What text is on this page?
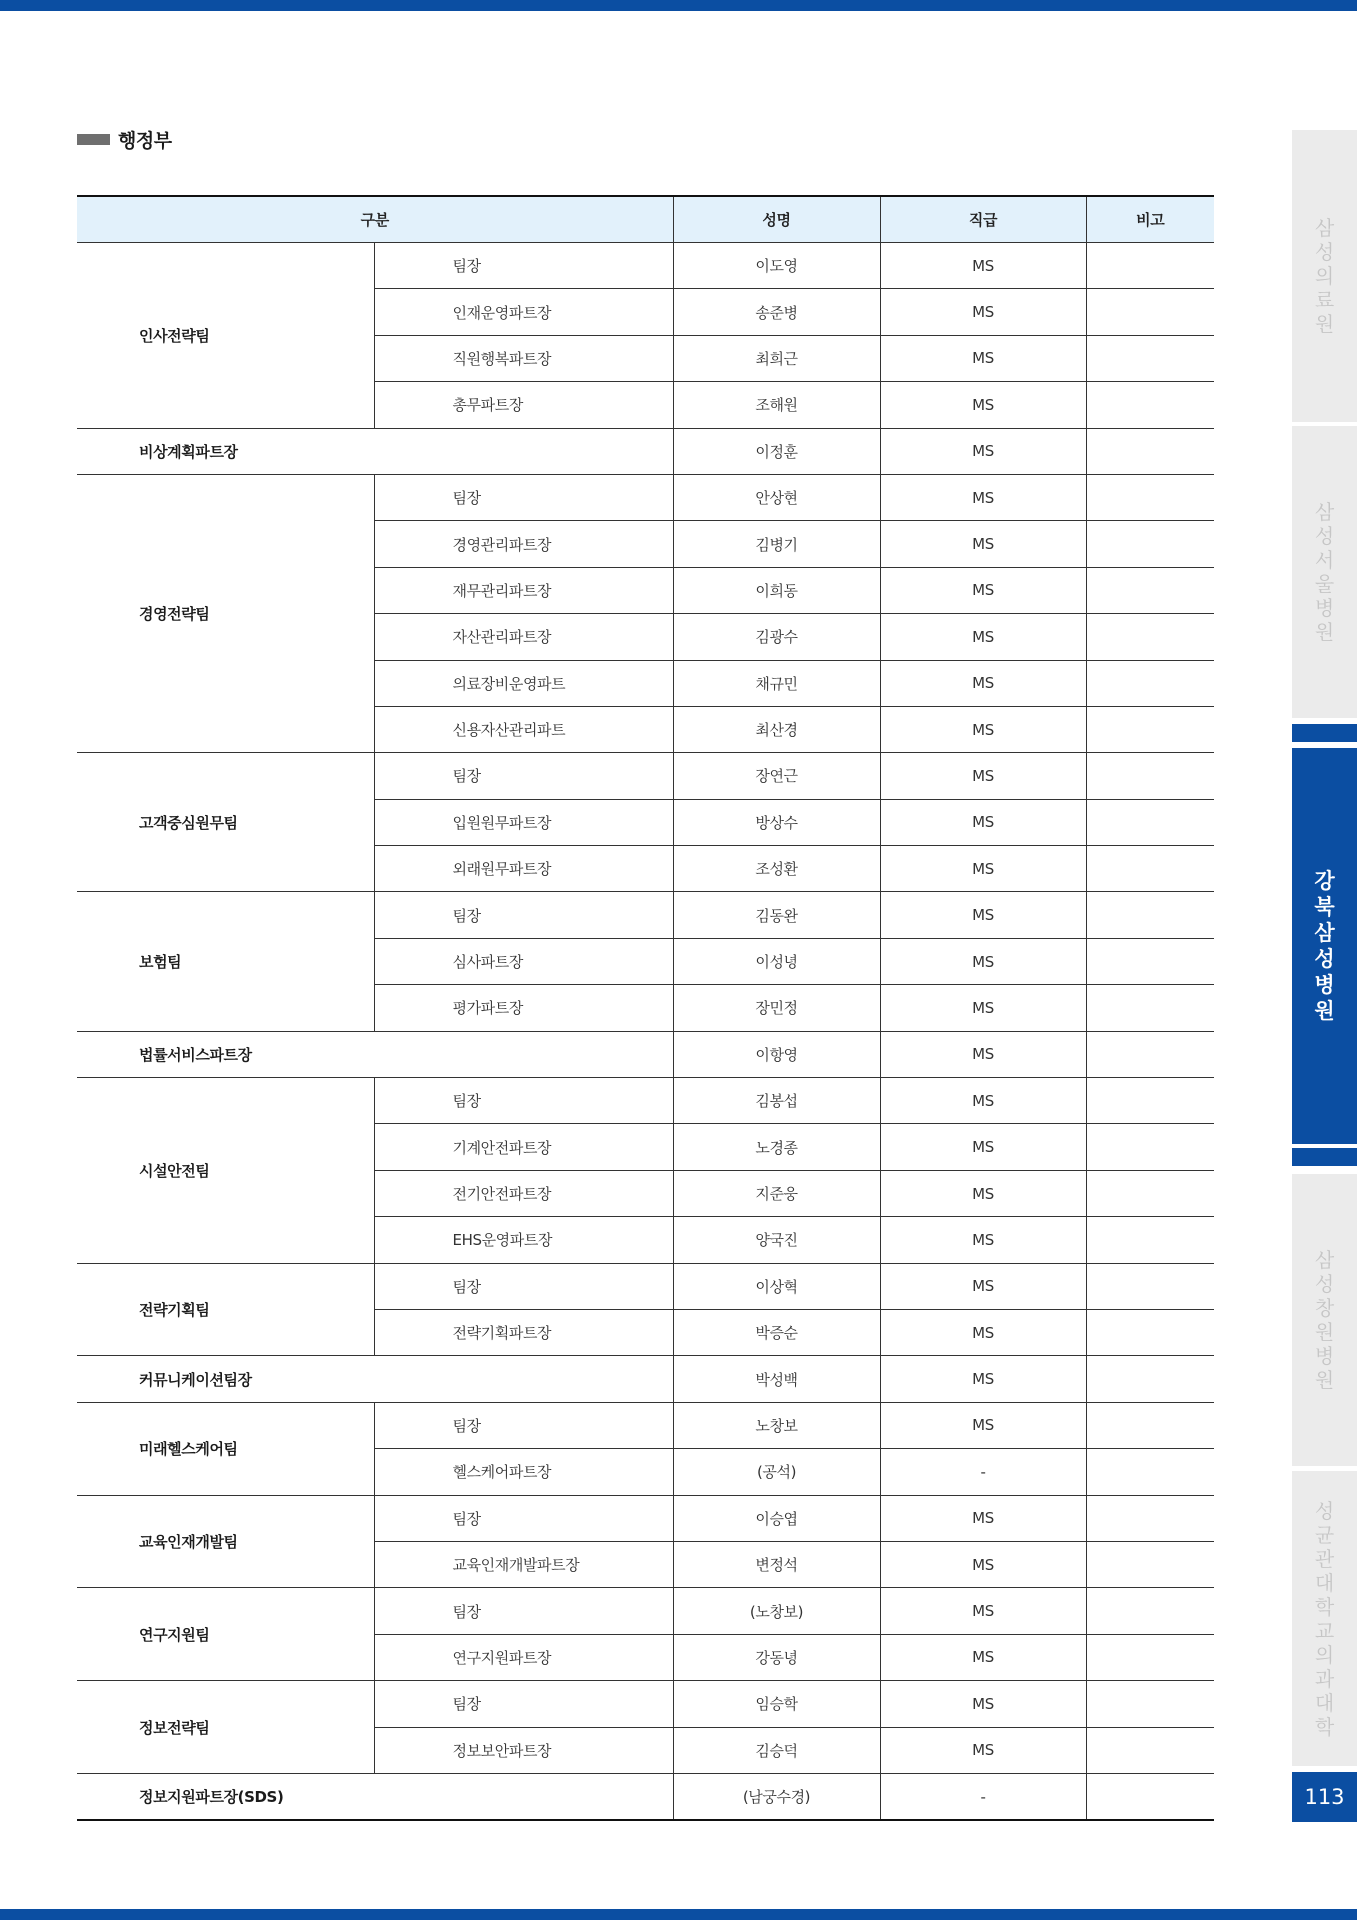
행정부
구분		성명	직급	비고
인사전략팀	팀장	이도영	MS	
	인재운영파트장	송준병	MS	
	직원행복파트장	최희근	MS	
	총무파트장	조해원	MS	
비상계획파트장		이정훈	MS	
경영전략팀	팀장	안상현	MS	
	경영관리파트장	김병기	MS	
	재무관리파트장	이희동	MS	
	자산관리파트장	김광수	MS	
	의료장비운영파트	채규민	MS	
	신용자산관리파트	최산경	MS	
고객중심원무팀	팀장	장연근	MS	
	입원원무파트장	방상수	MS	
	외래원무파트장	조성환	MS	
보험팀	팀장	김동완	MS	
	심사파트장	이성녕	MS	
	평가파트장	장민정	MS	
법률서비스파트장		이항영	MS	
시설안전팀	팀장	김봉섭	MS	
	기계안전파트장	노경종	MS	
	전기안전파트장	지준웅	MS	
	EHS운영파트장	양국진	MS	
전략기획팀	팀장	이상혁	MS	
	전략기획파트장	박증순	MS	
커뮤니케이션팀장		박성백	MS	
미래헬스케어팀	팀장	노창보	MS	
	헬스케어파트장	(공석)	-	
교육인재개발팀	팀장	이승엽	MS	
	교육인재개발파트장	변정석	MS	
연구지원팀	팀장	(노창보)	MS	
	연구지원파트장	강동녕	MS	
정보전략팀	팀장	임승학	MS	
	정보보안파트장	김승덕	MS	
정보지원파트장(SDS)		(남궁수경)	-	
삼
성
의
료
원
삼
성
서
울
병
원
강
북
삼
성
병
원
삼
성
창
원
병
원
성
균
관
대
학
교
의
과
대
학
113
